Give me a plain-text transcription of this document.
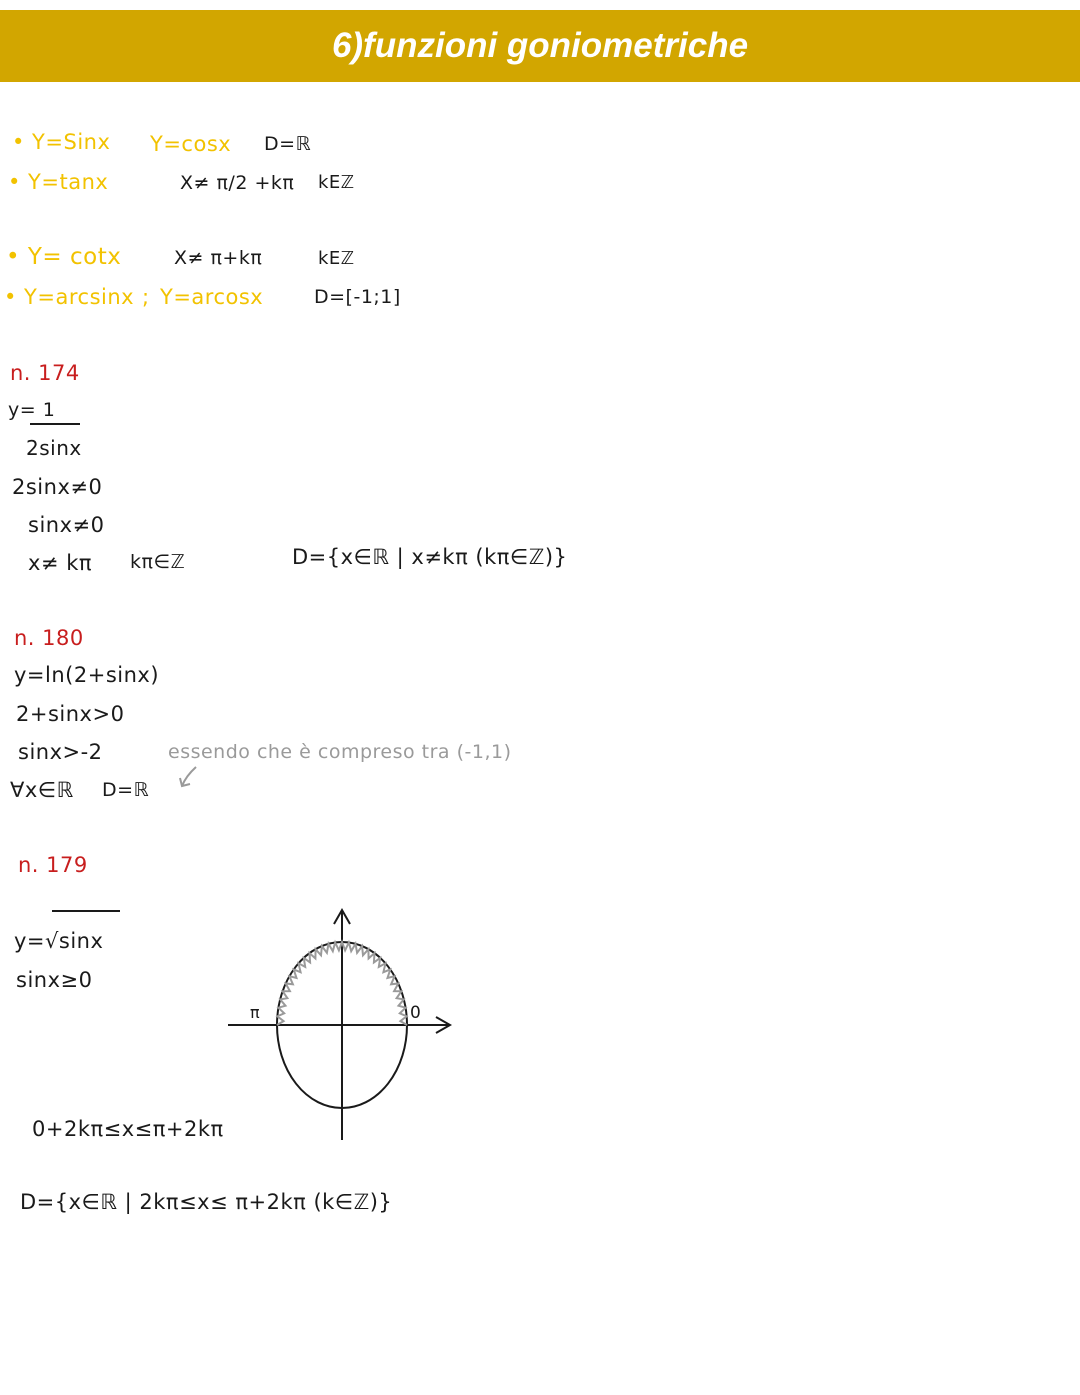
6)funzioni goniometriche
• Y=Sinx Y=cosx D=ℝ
• Y=tanx	X≠ π/2 +kπ kEℤ
• Y= cotx	X≠ π+kπ	kEℤ
• Y=arcsinx ; Y=arcosx	D=[-1;1]
n. 174
y= 1
2sinx
2sinx≠0
sinx≠0
x≠ kπ kπ∈ℤ	D={x∈ℝ | x≠kπ (kπ∈ℤ)}
n. 180
y=ln(2+sinx)
2+sinx>0
sinx>-2	essendo che è compreso tra (-1,1)
∀x∈ℝ D=ℝ
n. 179
y=√sinx
sinx≥0
π	0
0+2kπ≤x≤π+2kπ
D={x∈ℝ | 2kπ≤x≤ π+2kπ (k∈ℤ)}
